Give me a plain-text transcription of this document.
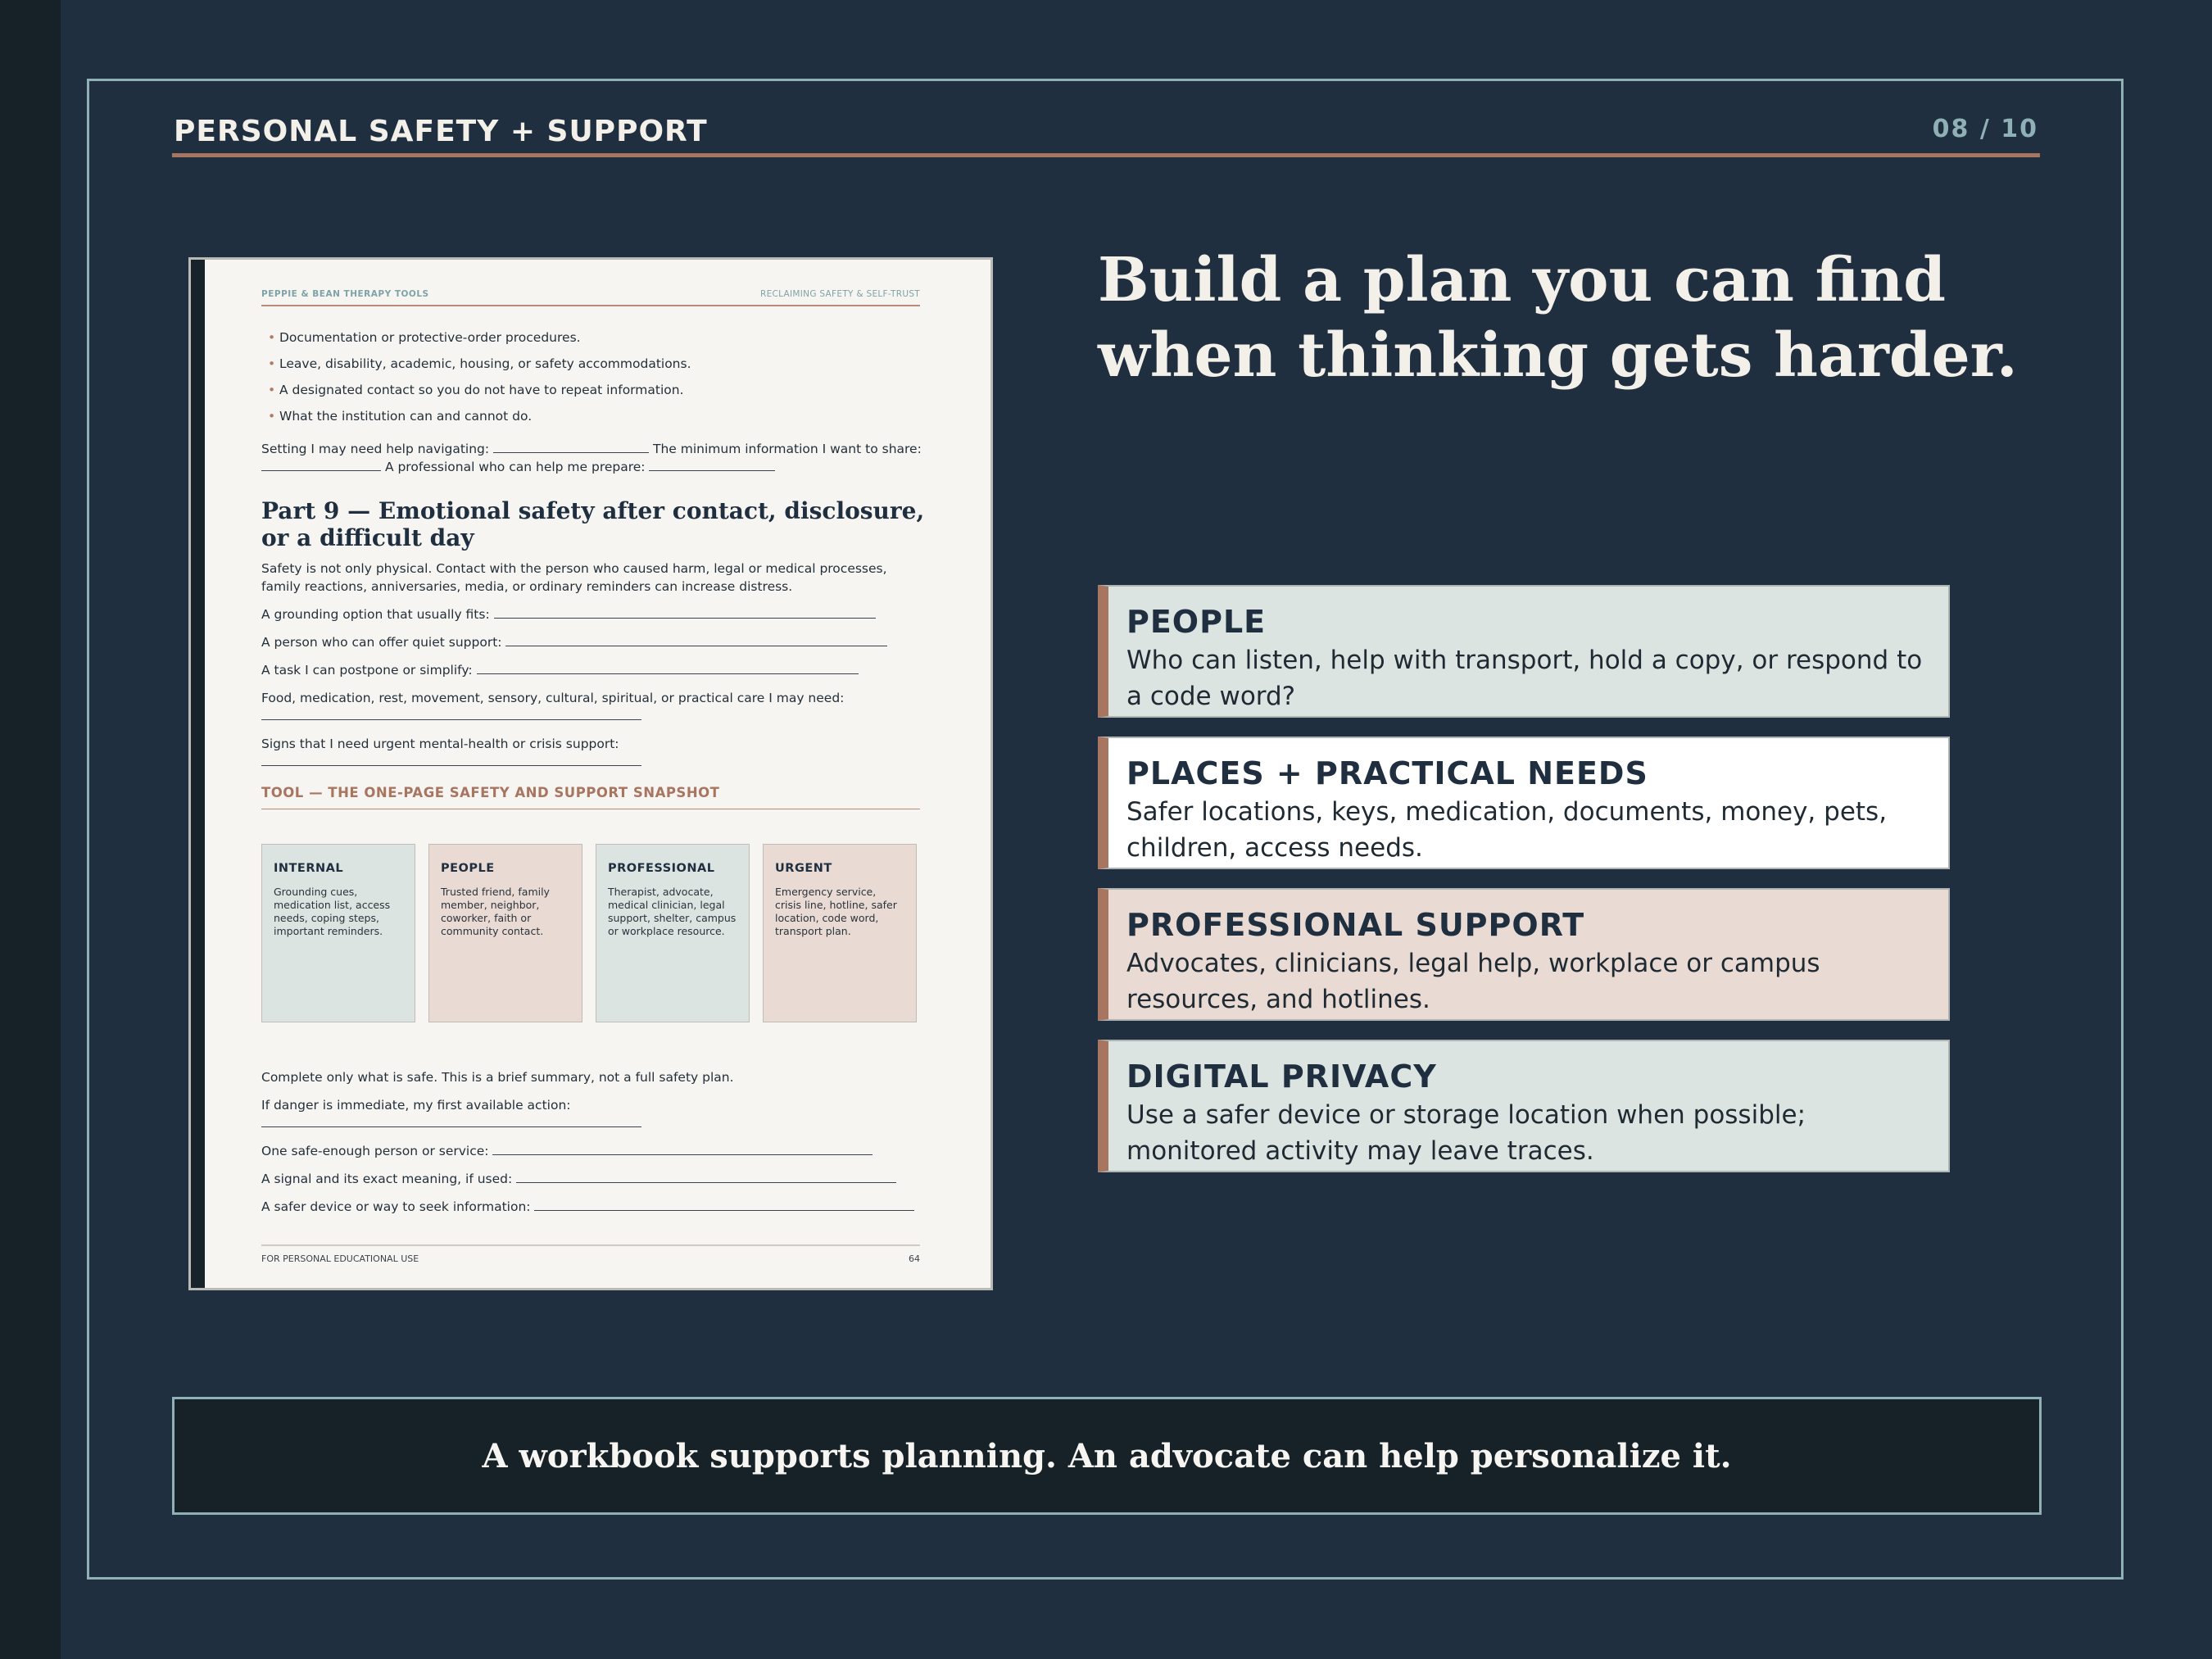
PERSONAL SAFETY + SUPPORT	08 / 10
PEPPIE & BEAN THERAPY TOOLS	RECLAIMING SAFETY & SELF-TRUST
• Documentation or protective-order procedures.
• Leave, disability, academic, housing, or safety accommodations.
• A designated contact so you do not have to repeat information.
• What the institution can and cannot do.
Setting I may need help navigating:	The minimum information I want to share:
A professional who can help me prepare:
Part 9 — Emotional safety after contact, disclosure, or a difficult day
Safety is not only physical. Contact with the person who caused harm, legal or medical processes, family reactions, anniversaries, media, or ordinary reminders can increase distress.
A grounding option that usually fits:
A person who can offer quiet support:
A task I can postpone or simplify:
Food, medication, rest, movement, sensory, cultural, spiritual, or practical care I may need:

Signs that I need urgent mental-health or crisis support:

TOOL — THE ONE-PAGE SAFETY AND SUPPORT SNAPSHOT
INTERNAL
Grounding cues, medication list, access needs, coping steps, important reminders.
PEOPLE
Trusted friend, family member, neighbor, coworker, faith or community contact.
PROFESSIONAL
Therapist, advocate, medical clinician, legal support, shelter, campus or workplace resource.
URGENT
Emergency service, crisis line, hotline, safer location, code word, transport plan.
Complete only what is safe. This is a brief summary, not a full safety plan.
If danger is immediate, my first available action:

One safe-enough person or service:
A signal and its exact meaning, if used:
A safer device or way to seek information:
FOR PERSONAL EDUCATIONAL USE	64
Build a plan you can find when thinking gets harder.
PEOPLE
Who can listen, help with transport, hold a copy, or respond to a code word?
PLACES + PRACTICAL NEEDS
Safer locations, keys, medication, documents, money, pets, children, access needs.
PROFESSIONAL SUPPORT
Advocates, clinicians, legal help, workplace or campus resources, and hotlines.
DIGITAL PRIVACY
Use a safer device or storage location when possible; monitored activity may leave traces.
A workbook supports planning. An advocate can help personalize it.
